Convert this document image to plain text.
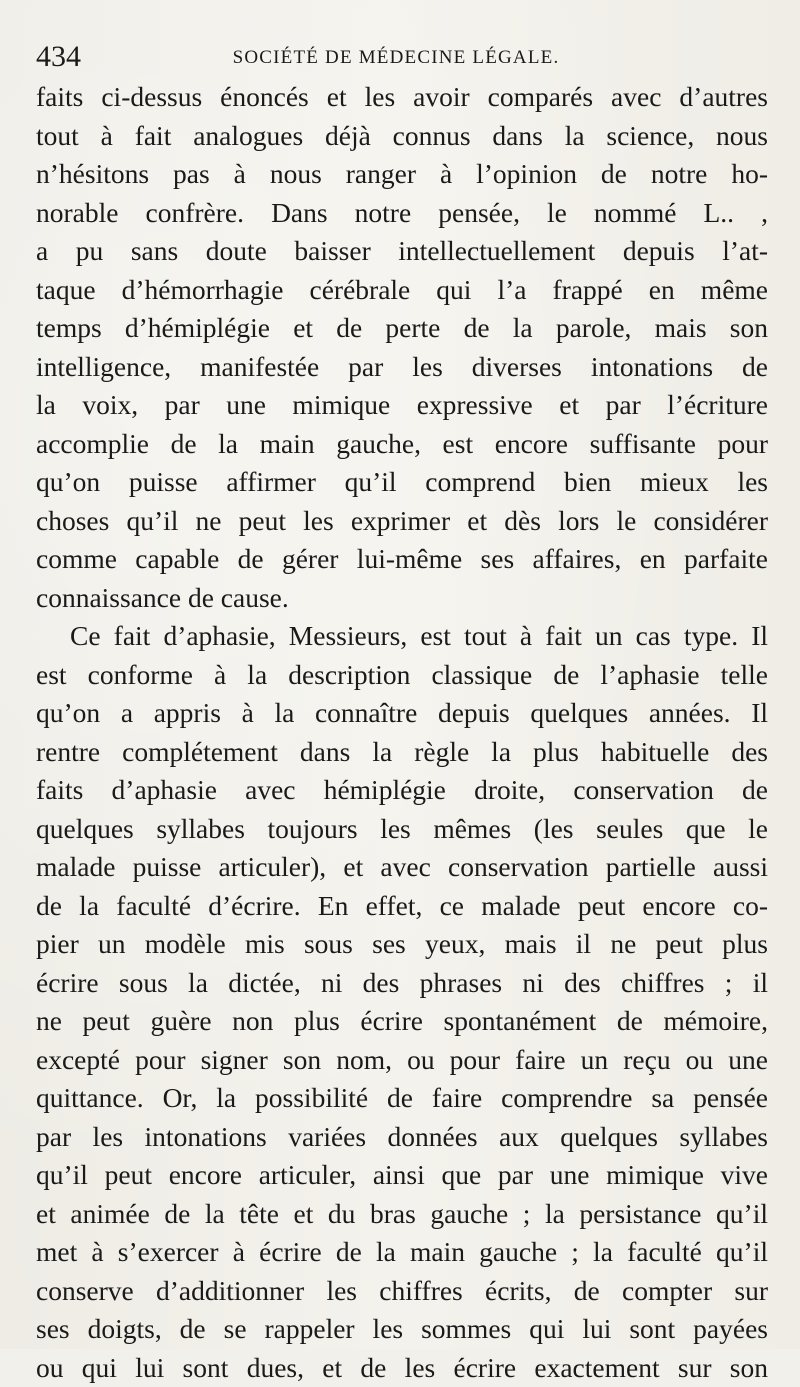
434	SOCIÉTÉ DE MÉDECINE LÉGALE.
faits ci-dessus énoncés et les avoir comparés avec d’autres
tout à fait analogues déjà connus dans la science, nous
n’hésitons pas à nous ranger à l’opinion de notre ho-
norable confrère. Dans notre pensée, le nommé L.. ,
a pu sans doute baisser intellectuellement depuis l’at-
taque d’hémorrhagie cérébrale qui l’a frappé en même
temps d’hémiplégie et de perte de la parole, mais son
intelligence, manifestée par les diverses intonations de
la voix, par une mimique expressive et par l’écriture
accomplie de la main gauche, est encore suffisante pour
qu’on puisse affirmer qu’il comprend bien mieux les
choses qu’il ne peut les exprimer et dès lors le considérer
comme capable de gérer lui-même ses affaires, en parfaite
connaissance de cause.
Ce fait d’aphasie, Messieurs, est tout à fait un cas type. Il
est conforme à la description classique de l’aphasie telle
qu’on a appris à la connaître depuis quelques années. Il
rentre complétement dans la règle la plus habituelle des
faits d’aphasie avec hémiplégie droite, conservation de
quelques syllabes toujours les mêmes (les seules que le
malade puisse articuler), et avec conservation partielle aussi
de la faculté d’écrire. En effet, ce malade peut encore co-
pier un modèle mis sous ses yeux, mais il ne peut plus
écrire sous la dictée, ni des phrases ni des chiffres ; il
ne peut guère non plus écrire spontanément de mémoire,
excepté pour signer son nom, ou pour faire un reçu ou une
quittance. Or, la possibilité de faire comprendre sa pensée
par les intonations variées données aux quelques syllabes
qu’il peut encore articuler, ainsi que par une mimique vive
et animée de la tête et du bras gauche ; la persistance qu’il
met à s’exercer à écrire de la main gauche ; la faculté qu’il
conserve d’additionner les chiffres écrits, de compter sur
ses doigts, de se rappeler les sommes qui lui sont payées
ou qui lui sont dues, et de les écrire exactement sur son
